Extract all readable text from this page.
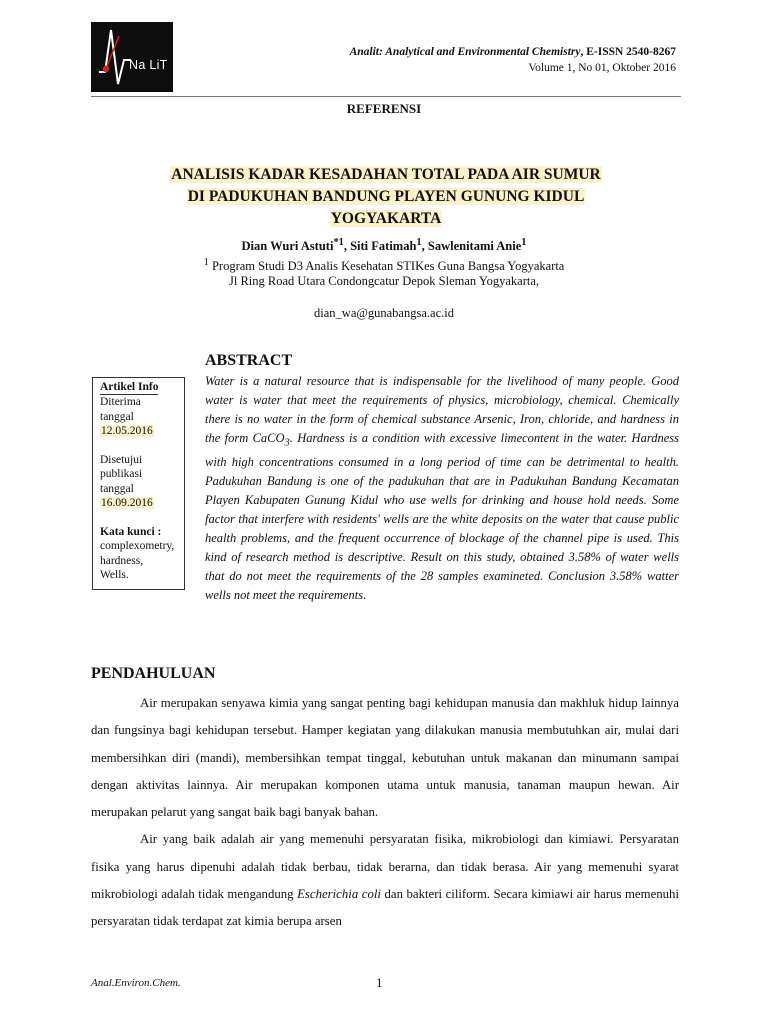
Na LiT
Analit: Analytical and Environmental Chemistry, E-ISSN 2540-8267
Volume 1, No 01, Oktober 2016
REFERENSI
ANALISIS KADAR KESADAHAN TOTAL PADA AIR SUMUR
DI PADUKUHAN BANDUNG PLAYEN GUNUNG KIDUL
YOGYAKARTA
Dian Wuri Astuti$^{*1}$, Siti Fatimah$^1$, Sawlenitami Anie$^1$
$^1$ Program Studi D3 Analis Kesehatan STIKes Guna Bangsa Yogyakarta
Jl Ring Road Utara Condongcatur Depok Sleman Yogyakarta,
dian_wa@gunabangsa.ac.id
ABSTRACT
Artikel Info
Diterima
tanggal
12.05.2016
Disetujui
publikasi
tanggal
16.09.2016
Kata kunci :
complexometry,
hardness,
Wells.
Water is a natural resource that is indispensable for the livelihood of many people. Good water is water that meet the requirements of physics, microbiology, chemical. Chemically there is no water in the form of chemical substance Arsenic, Iron, chloride, and hardness in the form CaCO$_3$. Hardness is a condition with excessive limecontent in the water. Hardness with high concentrations consumed in a long period of time can be detrimental to health. Padukuhan Bandung is one of the padukuhan that are in Padukuhan Bandung Kecamatan Playen Kabupaten Gunung Kidul who use wells for drinking and house hold needs. Some factor that interfere with residents' wells are the white deposits on the water that cause public health problems, and the frequent occurrence of blockage of the channel pipe is used. This kind of research method is descriptive. Result on this study, obtained 3.58% of water wells that do not meet the requirements of the 28 samples examineted. Conclusion 3.58% watter wells not meet the requirements.
PENDAHULUAN

Air merupakan senyawa kimia yang sangat penting bagi kehidupan manusia dan makhluk hidup lainnya dan fungsinya bagi kehidupan tersebut. Hamper kegiatan yang dilakukan manusia membutuhkan air, mulai dari membersihkan diri (mandi), membersihkan tempat tinggal, kebutuhan untuk makanan dan minumann sampai dengan aktivitas lainnya. Air merupakan komponen utama untuk manusia, tanaman maupun hewan. Air merupakan pelarut yang sangat baik bagi banyak bahan.

Air yang baik adalah air yang memenuhi persyaratan fisika, mikrobiologi dan kimiawi. Persyaratan fisika yang harus dipenuhi adalah tidak berbau, tidak berarna, dan tidak berasa. Air yang memenuhi syarat mikrobiologi adalah tidak mengandung Escherichia coli dan bakteri ciliform. Secara kimiawi air harus memenuhi persyaratan tidak terdapat zat kimia berupa arsen

Anal.Environ.Chem.	1
